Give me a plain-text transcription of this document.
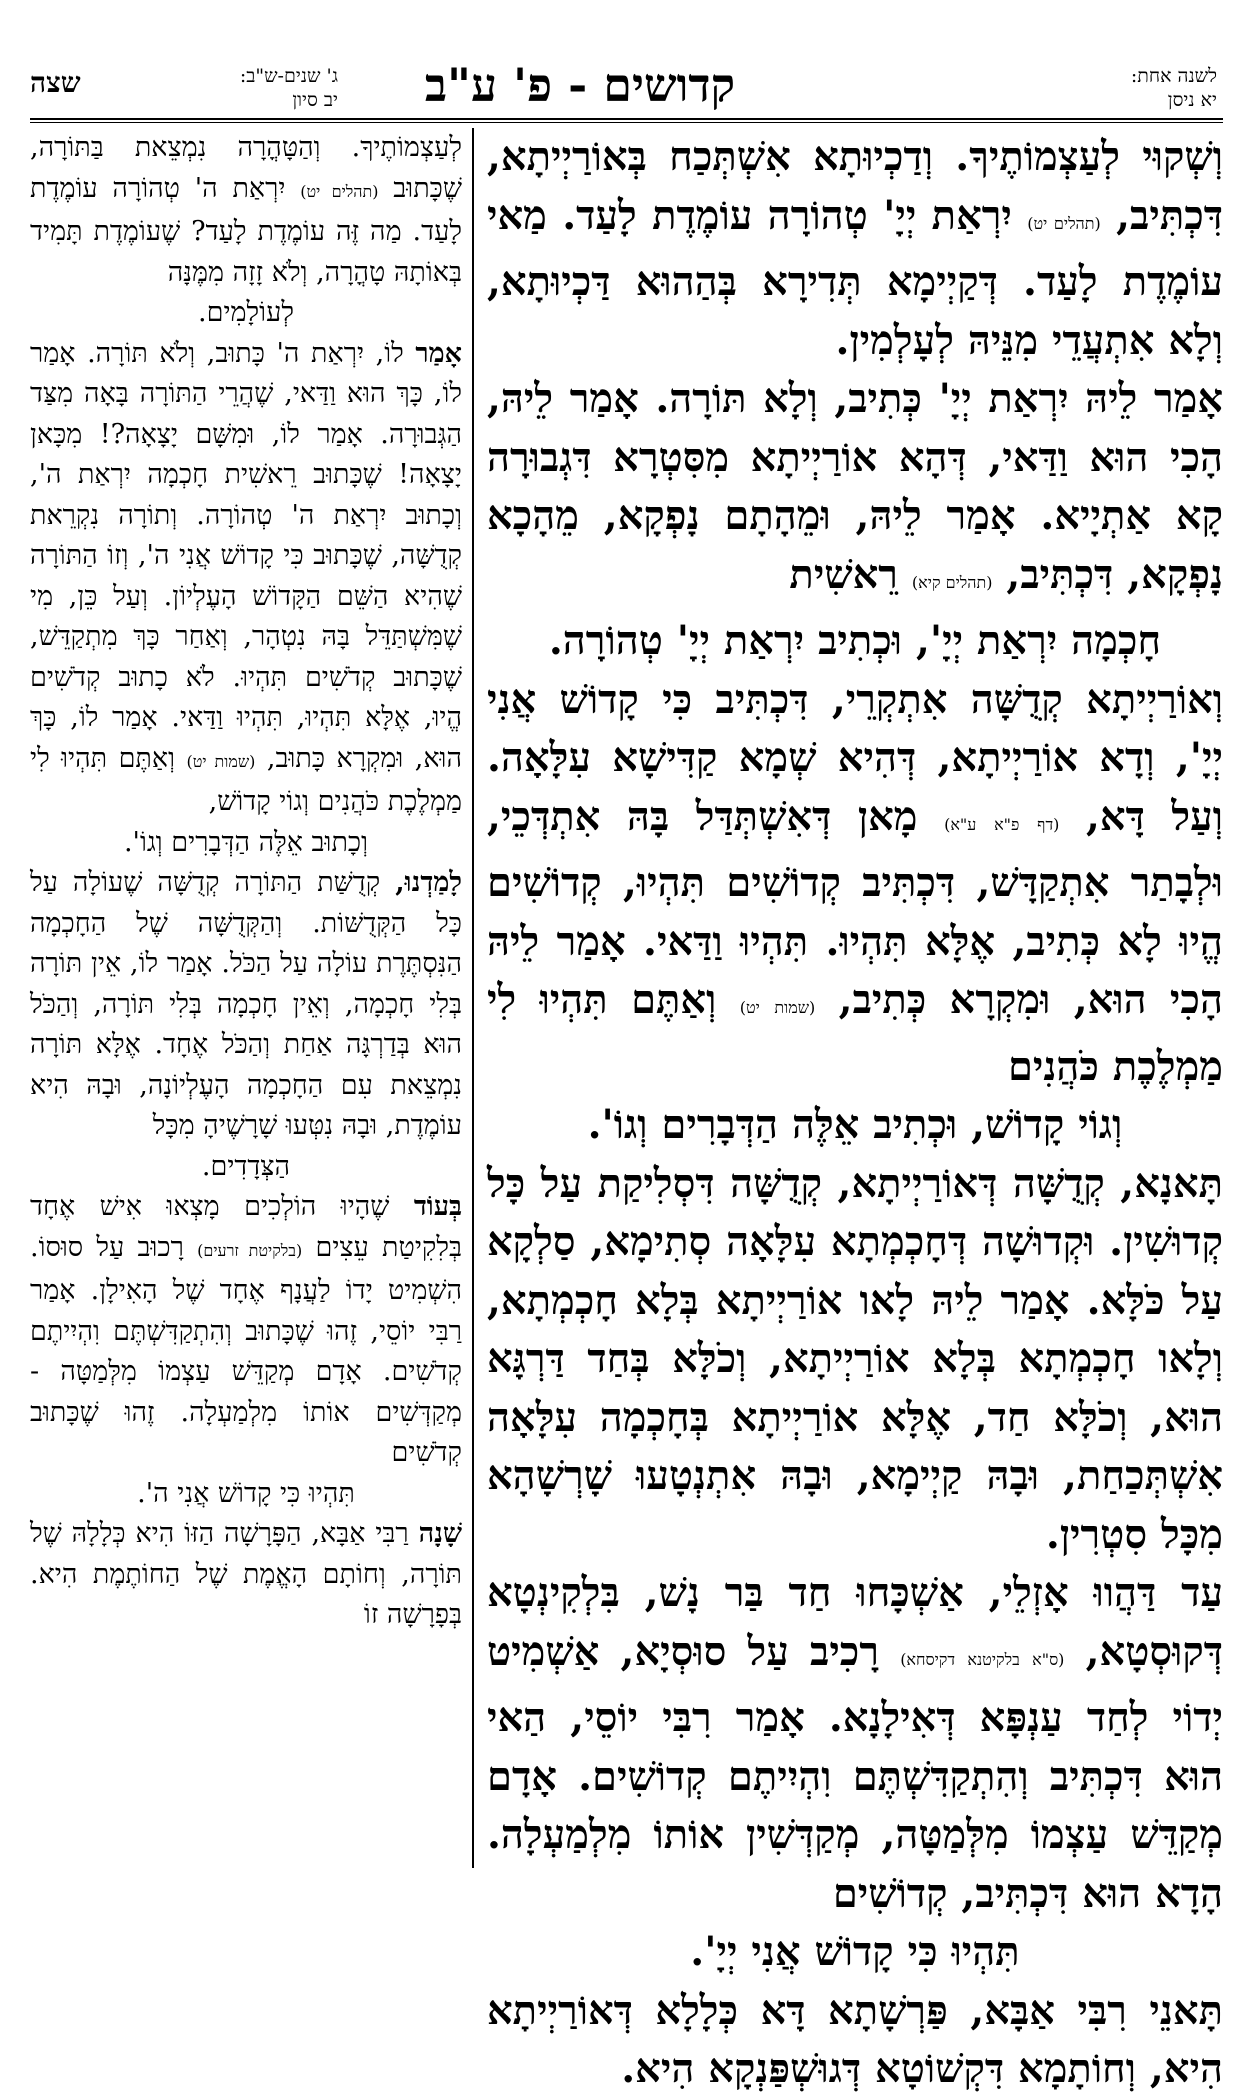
קדושים - פ' ע"ב	לשנה אחת:
יא ניסן
ג' שנים-ש"ב:
יב סיון
שצה

וְשְׁקוּי לְעַצְמוֹתֶיךָ. וְדַכְיוּתָא אִשְׁתְּכַח בְּאוֹרַיְיתָא, דִּכְתִּיב, (תהלים יט) יִרְאַת יְיָ' טְהוֹרָה עוֹמֶדֶת לָעַד. מַאי עוֹמֶדֶת לָעַד. דְּקַיְימָא תְּדִירָא בְּהַהוּא דַּכְיוּתָא, וְלָא אִתְעֲדֵי מִנֵּיהּ לְעָלְמִין.

אָמַר לֵיהּ יִרְאַת יְיָ' כְּתִיב, וְלָא תּוֹרָה. אָמַר לֵיהּ, הָכִי הוּא וַדַּאי, דְּהָא אוֹרַיְיתָא מִסִּטְרָא דִּגְבוּרָה קָא אַתְיָיא. אָמַר לֵיהּ, וּמֵהָתָם נָפְקָא, מֵהָכָא נָפְקָא, דִּכְתִּיב, (תהלים קיא) רֵאשִׁית

חָכְמָה יִרְאַת יְיָ', וּכְתִיב יִרְאַת יְיָ' טְהוֹרָה.

וְאוֹרַיְיתָא קְדֻשָּׁה אִתְקְרֵי, דִּכְתִּיב כִּי קָדוֹשׁ אֲנִי יְיָ', וְדָא אוֹרַיְיתָא, דְּהִיא שְׁמָא קַדִּישָׁא עִלָּאָה. וְעַל דָּא, (דף פ"א ע"א) מָאן דְּאִשְׁתְּדַּל בָּהּ אִתְדְּכֵי, וּלְבָתַר אִתְקַדָּשׁ, דִּכְתִּיב קְדוֹשִׁים תִּהְיוּ, קְדוֹשִׁים הֱיוּ לָא כְּתִיב, אֶלָּא תִּהְיוּ. תִּהְיוּ וַדַּאי. אָמַר לֵיהּ הָכִי הוּא, וּמִקְרָא כְּתִיב, (שמות יט) וְאַתֶּם תִּהְיוּ לִי מַמְלֶכֶת כֹּהֲנִים

וְגוֹי קָדוֹשׁ, וּכְתִיב אֵלֶּה הַדְּבָרִים וְגוֹ'.

תָּאנָא, קְדֻשָּׁה דְּאוֹרַיְיתָא, קְדֻשָּׁה דִּסְלִיקַת עַל כָּל קְדוּשִׁין. וּקְדוּשָׁה דְּחָכְמְתָא עִלָּאָה סְתִימָא, סַלְקָא עַל כֹּלָּא. אָמַר לֵיהּ לָאו אוֹרַיְיתָא בְּלָא חָכְמְתָא, וְלָאו חָכְמְתָא בְּלָא אוֹרַיְיתָא, וְכֹלָּא בְּחַד דַּרְגָּא הוּא, וְכֹלָּא חַד, אֶלָּא אוֹרַיְיתָא בְּחָכְמָה עִלָּאָה אִשְׁתְּכַחַת, וּבָהּ קַיְימָא, וּבָהּ אִתְנְטָעוּ שָׁרְשָׁהָא מִכָּל סִטְרִין.

עַד דַּהֲווּ אָזְלֵי, אַשְׁכָּחוּ חַד בַּר נָשׁ, בִּלְקִינְטָא דְּקוּסְטָא, (ס"א בלקיטנא דקיסחא) רָכִיב עַל סוּסְיָא, אַשְׁמִיט יְדוֹי לְחַד עַנְפָּא דְּאִילָנָא. אָמַר רִבִּי יוֹסֵי, הַאי הוּא דִּכְתִּיב וְהִתְקַדִּשְׁתֶּם וִהְיִיתֶם קְדוֹשִׁים. אָדָם מְקַדֵּשׁ עַצְמוֹ מִלְּמַטָּה, מְקַדְּשִׁין אוֹתוֹ מִלְמַעְלָה. הָדָא הוּא דִּכְתִּיב, קְדוֹשִׁים

תִּהְיוּ כִּי קָדוֹשׁ אֲנִי יְיָ'.

תָּאנֵי רִבִּי אַבָּא, פַּרְשָׁתָא דָּא כְּלָלָא דְּאוֹרַיְיתָא הִיא, וְחוֹתָמָא דִּקְשׁוֹטָא דְּגוּשְׁפַּנְקָא הִיא.

לְעַצְמוֹתֶיךָ. וְהַטָּהֳרָה נִמְצֵאת בַּתּוֹרָה, שֶׁכָּתוּב (תהלים יט) יִרְאַת ה' טְהוֹרָה עוֹמֶדֶת לָעַד. מַה זֶּה עוֹמֶדֶת לָעַד? שֶׁעוֹמֶדֶת תָּמִיד בְּאוֹתָהּ טָהֳרָה, וְלֹא זָזָה מִמֶּנָּה

לְעוֹלָמִים.

אָמַר לוֹ, יִרְאַת ה' כָּתוּב, וְלֹא תּוֹרָה. אָמַר לוֹ, כָּךְ הוּא וַדַּאי, שֶׁהֲרֵי הַתּוֹרָה בָּאָה מִצַּד הַגְּבוּרָה. אָמַר לוֹ, וּמִשָּׁם יָצָאָה?! מִכָּאן יָצָאָה! שֶׁכָּתוּב רֵאשִׁית חָכְמָה יִרְאַת ה', וְכָתוּב יִרְאַת ה' טְהוֹרָה. וְתוֹרָה נִקְרֵאת קְדֻשָּׁה, שֶׁכָּתוּב כִּי קָדוֹשׁ אֲנִי ה', וְזוֹ הַתּוֹרָה שֶׁהִיא הַשֵּׁם הַקָּדוֹשׁ הָעֶלְיוֹן. וְעַל כֵּן, מִי שֶׁמִּשְׁתַּדֵּל בָּהּ נִטְהָר, וְאַחַר כָּךְ מִתְקַדֵּשׁ, שֶׁכָּתוּב קְדֹשִׁים תִּהְיוּ. לֹא כָתוּב קְדֹשִׁים הֱיוּ, אֶלָּא תִּהְיוּ, תִּהְיוּ וַדַּאי. אָמַר לוֹ, כָּךְ הוּא, וּמִקְרָא כָּתוּב, (שמות יט) וְאַתֶּם תִּהְיוּ לִי מַמְלֶכֶת כֹּהֲנִים וְגוֹי קָדוֹשׁ,

וְכָתוּב אֵלֶּה הַדְּבָרִים וְגוֹ'.

לָמַדְנוּ, קְדֻשַּׁת הַתּוֹרָה קְדֻשָּׁה שֶׁעוֹלָה עַל כָּל הַקְּדֻשּׁוֹת. וְהַקְּדֻשָּׁה שֶׁל הַחָכְמָה הַנִּסְתֶּרֶת עוֹלָה עַל הַכֹּל. אָמַר לוֹ, אֵין תּוֹרָה בְּלִי חָכְמָה, וְאֵין חָכְמָה בְּלִי תּוֹרָה, וְהַכֹּל הוּא בְּדַרְגָּה אַחַת וְהַכֹּל אֶחָד. אֶלָּא תּוֹרָה נִמְצֵאת עִם הַחָכְמָה הָעֶלְיוֹנָה, וּבָהּ הִיא עוֹמֶדֶת, וּבָהּ נִטְּעוּ שָׁרָשֶׁיהָ מִכָּל

הַצְּדָדִים.

בְּעוֹד שֶׁהָיוּ הוֹלְכִים מָצְאוּ אִישׁ אֶחָד בְּלִקִיטַת עֵצִים (בלקיטת זרעים) רָכוּב עַל סוּסוֹ. הִשְׁמִיט יָדוֹ לַעֲנָף אֶחָד שֶׁל הָאִילָן. אָמַר רַבִּי יוֹסֵי, זֶהוּ שֶׁכָּתוּב וְהִתְקַדִּשְׁתֶּם וִהְיִיתֶם קְדֹשִׁים. אָדָם מְקַדֵּשׁ עַצְמוֹ מִלְּמַטָּה - מְקַדְּשִׁים אוֹתוֹ מִלְמַעְלָה. זֶהוּ שֶׁכָּתוּב קְדֹשִׁים

תִּהְיוּ כִּי קָדוֹשׁ אֲנִי ה'.

שָׁנָה רַבִּי אַבָּא, הַפָּרָשָׁה הַזּוֹ הִיא כְּלָלָהּ שֶׁל תּוֹרָה, וְחוֹתָם הָאֱמֶת שֶׁל הַחוֹתֶמֶת הִיא. בְּפָרָשָׁה זוֹ
